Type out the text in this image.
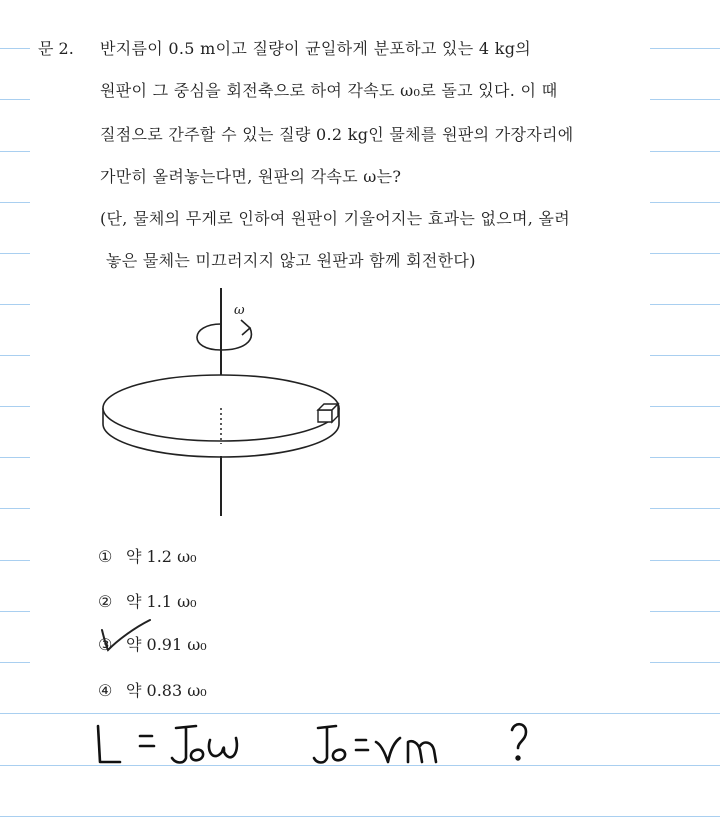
문 2. 반지름이 0.5 m이고 질량이 균일하게 분포하고 있는 4 kg의
원판이 그 중심을 회전축으로 하여 각속도 ω₀로 돌고 있다. 이 때
질점으로 간주할 수 있는 질량 0.2 kg인 물체를 원판의 가장자리에
가만히 올려놓는다면, 원판의 각속도 ω는?
(단, 물체의 무게로 인하여 원판이 기울어지는 효과는 없으며, 올려
놓은 물체는 미끄러지지 않고 원판과 함께 회전한다)
ω
① 약 1.2 ω₀
② 약 1.1 ω₀
③ 약 0.91 ω₀
④ 약 0.83 ω₀
